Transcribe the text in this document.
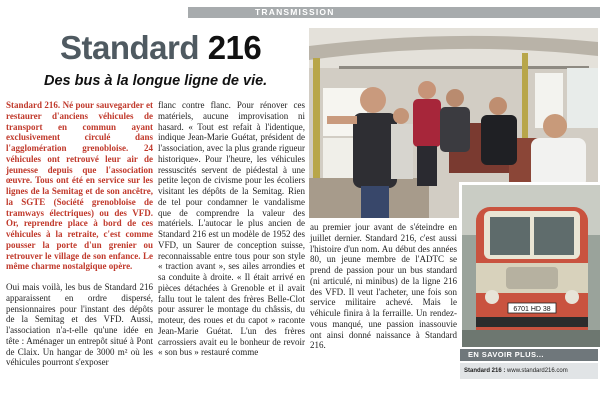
TRANSMISSION
Standard 216
Des bus à la longue ligne de vie.

Standard 216. Né pour sauvegarder et restaurer d'anciens véhicules de transport en commun ayant exclusivement circulé dans l'agglomération grenobloise. 24 véhicules ont retrouvé leur air de jeunesse depuis que l'association œuvre. Tous ont été en service sur les lignes de la Semitag et de son ancêtre, la SGTE (Société grenobloise de tramways électriques) ou des VFD. Or, reprendre place à bord de ces véhicules à la retraite, c'est comme pousser la porte d'un grenier ou retrouver le village de son enfance. Le même charme nostalgique opère.

Oui mais voilà, les bus de Standard 216 apparaissent en ordre dispersé, pensionnaires pour l'instant des dépôts de la Semitag et des VFD. Aussi, l'association n'a-t-elle qu'une idée en tête : Aménager un entrepôt situé à Pont de Claix. Un hangar de 3000 m² où les véhicules pourront s'exposer

flanc contre flanc. Pour rénover ces matériels, aucune improvisation ni hasard. « Tout est refait à l'identique, indique Jean-Marie Guétat, président de l'association, avec la plus grande rigueur historique». Pour l'heure, les véhicules ressuscités servent de piédestal à une petite leçon de civisme pour les écoliers visitant les dépôts de la Semitag. Rien de tel pour condamner le vandalisme que de comprendre la valeur des matériels. L'autocar le plus ancien de Standard 216 est un modèle de 1952 des VFD, un Saurer de conception suisse, reconnaissable entre tous pour son style « traction avant », ses ailes arrondies et sa conduite à droite. « Il était arrivé en pièces détachées à Grenoble et il avait fallu tout le talent des frères Belle-Clot pour assurer le montage du châssis, du moteur, des roues et du capot » raconte Jean-Marie Guétat. L'un des frères carrossiers avait eu le bonheur de revoir « son bus » restauré comme

au premier jour avant de s'éteindre en juillet dernier. Standard 216, c'est aussi l'histoire d'un nom. Au début des années 80, un jeune membre de l'ADTC se prend de passion pour un bus standard (ni articulé, ni minibus) de la ligne 216 des VFD. Il veut l'acheter, une fois son service militaire achevé. Mais le véhicule finira à la ferraille. Un rendez-vous manqué, une passion inassouvie ont ainsi donné naissance à Standard 216.

6701 HD 38
EN SAVOIR PLUS...
Standard 216 : www.standard216.com
